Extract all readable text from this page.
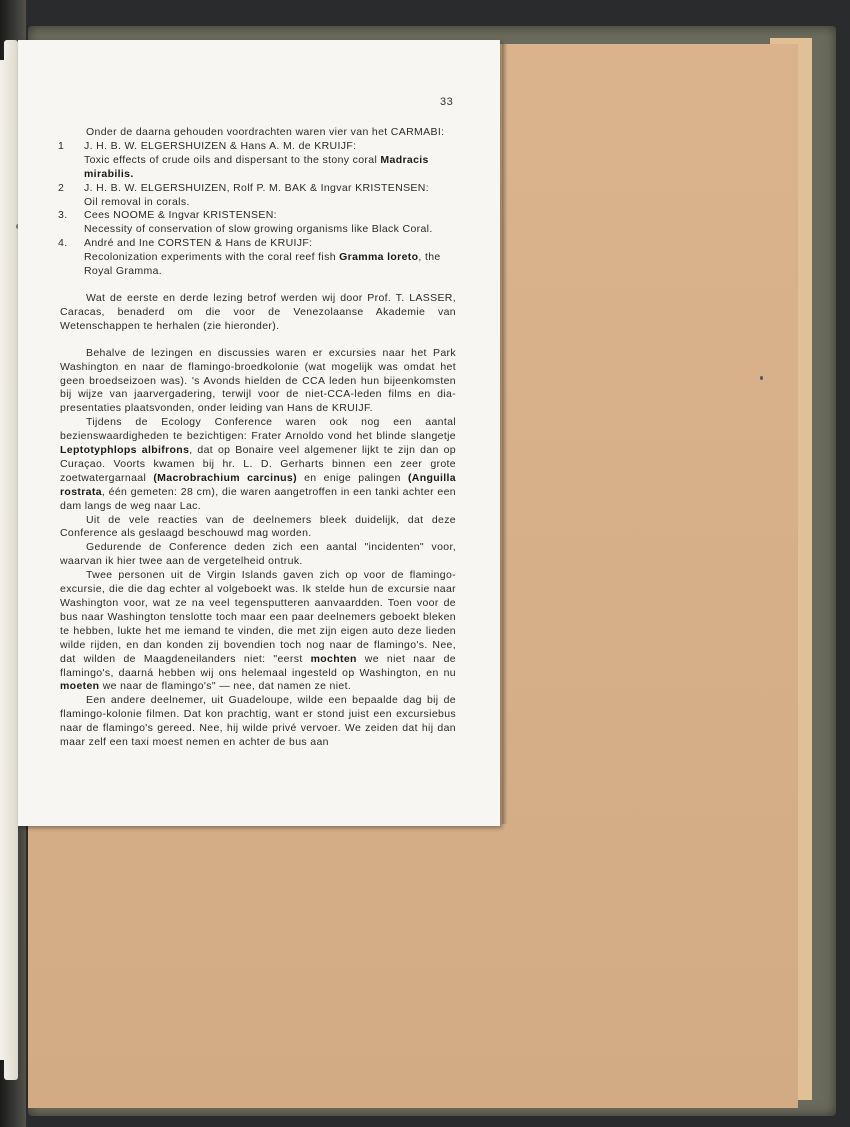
33

Onder de daarna gehouden voordrachten waren vier van het CARMABI:

1	J. H. B. W. ELGERSHUIZEN & Hans A. M. de KRUIJF:
Toxic effects of crude oils and dispersant to the stony coral Madracis mirabilis.
2	J. H. B. W. ELGERSHUIZEN, Rolf P. M. BAK & Ingvar KRISTENSEN:
Oil removal in corals.
3.	Cees NOOME & Ingvar KRISTENSEN:
Necessity of conservation of slow growing organisms like Black Coral.
4.	André and Ine CORSTEN & Hans de KRUIJF:
Recolonization experiments with the coral reef fish Gramma loreto, the Royal Gramma.

Wat de eerste en derde lezing betrof werden wij door Prof. T. LASSER, Caracas, benaderd om die voor de Venezolaanse Akademie van Wetenschappen te herhalen (zie hieronder).

Behalve de lezingen en discussies waren er excursies naar het Park Washington en naar de flamingo-broedkolonie (wat mogelijk was omdat het geen broedseizoen was). 's Avonds hielden de CCA leden hun bijeenkomsten bij wijze van jaarvergadering, terwijl voor de niet-CCA-leden films en dia-presentaties plaatsvonden, onder leiding van Hans de KRUIJF.

Tijdens de Ecology Conference waren ook nog een aantal bezienswaardigheden te bezichtigen: Frater Arnoldo vond het blinde slangetje Leptotyphlops albifrons, dat op Bonaire veel algemener lijkt te zijn dan op Curaçao. Voorts kwamen bij hr. L. D. Gerharts binnen een zeer grote zoetwatergarnaal (Macrobrachium carcinus) en enige palingen (Anguilla rostrata, één gemeten: 28 cm), die waren aangetroffen in een tanki achter een dam langs de weg naar Lac.

Uit de vele reacties van de deelnemers bleek duidelijk, dat deze Conference als geslaagd beschouwd mag worden.

Gedurende de Conference deden zich een aantal "incidenten" voor, waarvan ik hier twee aan de vergetelheid ontruk.

Twee personen uit de Virgin Islands gaven zich op voor de flamingo-excursie, die die dag echter al volgeboekt was. Ik stelde hun de excursie naar Washington voor, wat ze na veel tegensputteren aanvaardden. Toen voor de bus naar Washington tenslotte toch maar een paar deelnemers geboekt bleken te hebben, lukte het me iemand te vinden, die met zijn eigen auto deze lieden wilde rijden, en dan konden zij bovendien toch nog naar de flamingo's. Nee, dat wilden de Maagdeneilanders niet: "eerst mochten we niet naar de flamingo's, daarná hebben wij ons helemaal ingesteld op Washington, en nu moeten we naar de flamingo's" — nee, dat namen ze niet.

Een andere deelnemer, uit Guadeloupe, wilde een bepaalde dag bij de flamingo-kolonie filmen. Dat kon prachtig, want er stond juist een excursiebus naar de flamingo's gereed. Nee, hij wilde privé vervoer. We zeiden dat hij dan maar zelf een taxi moest nemen en achter de bus aan
